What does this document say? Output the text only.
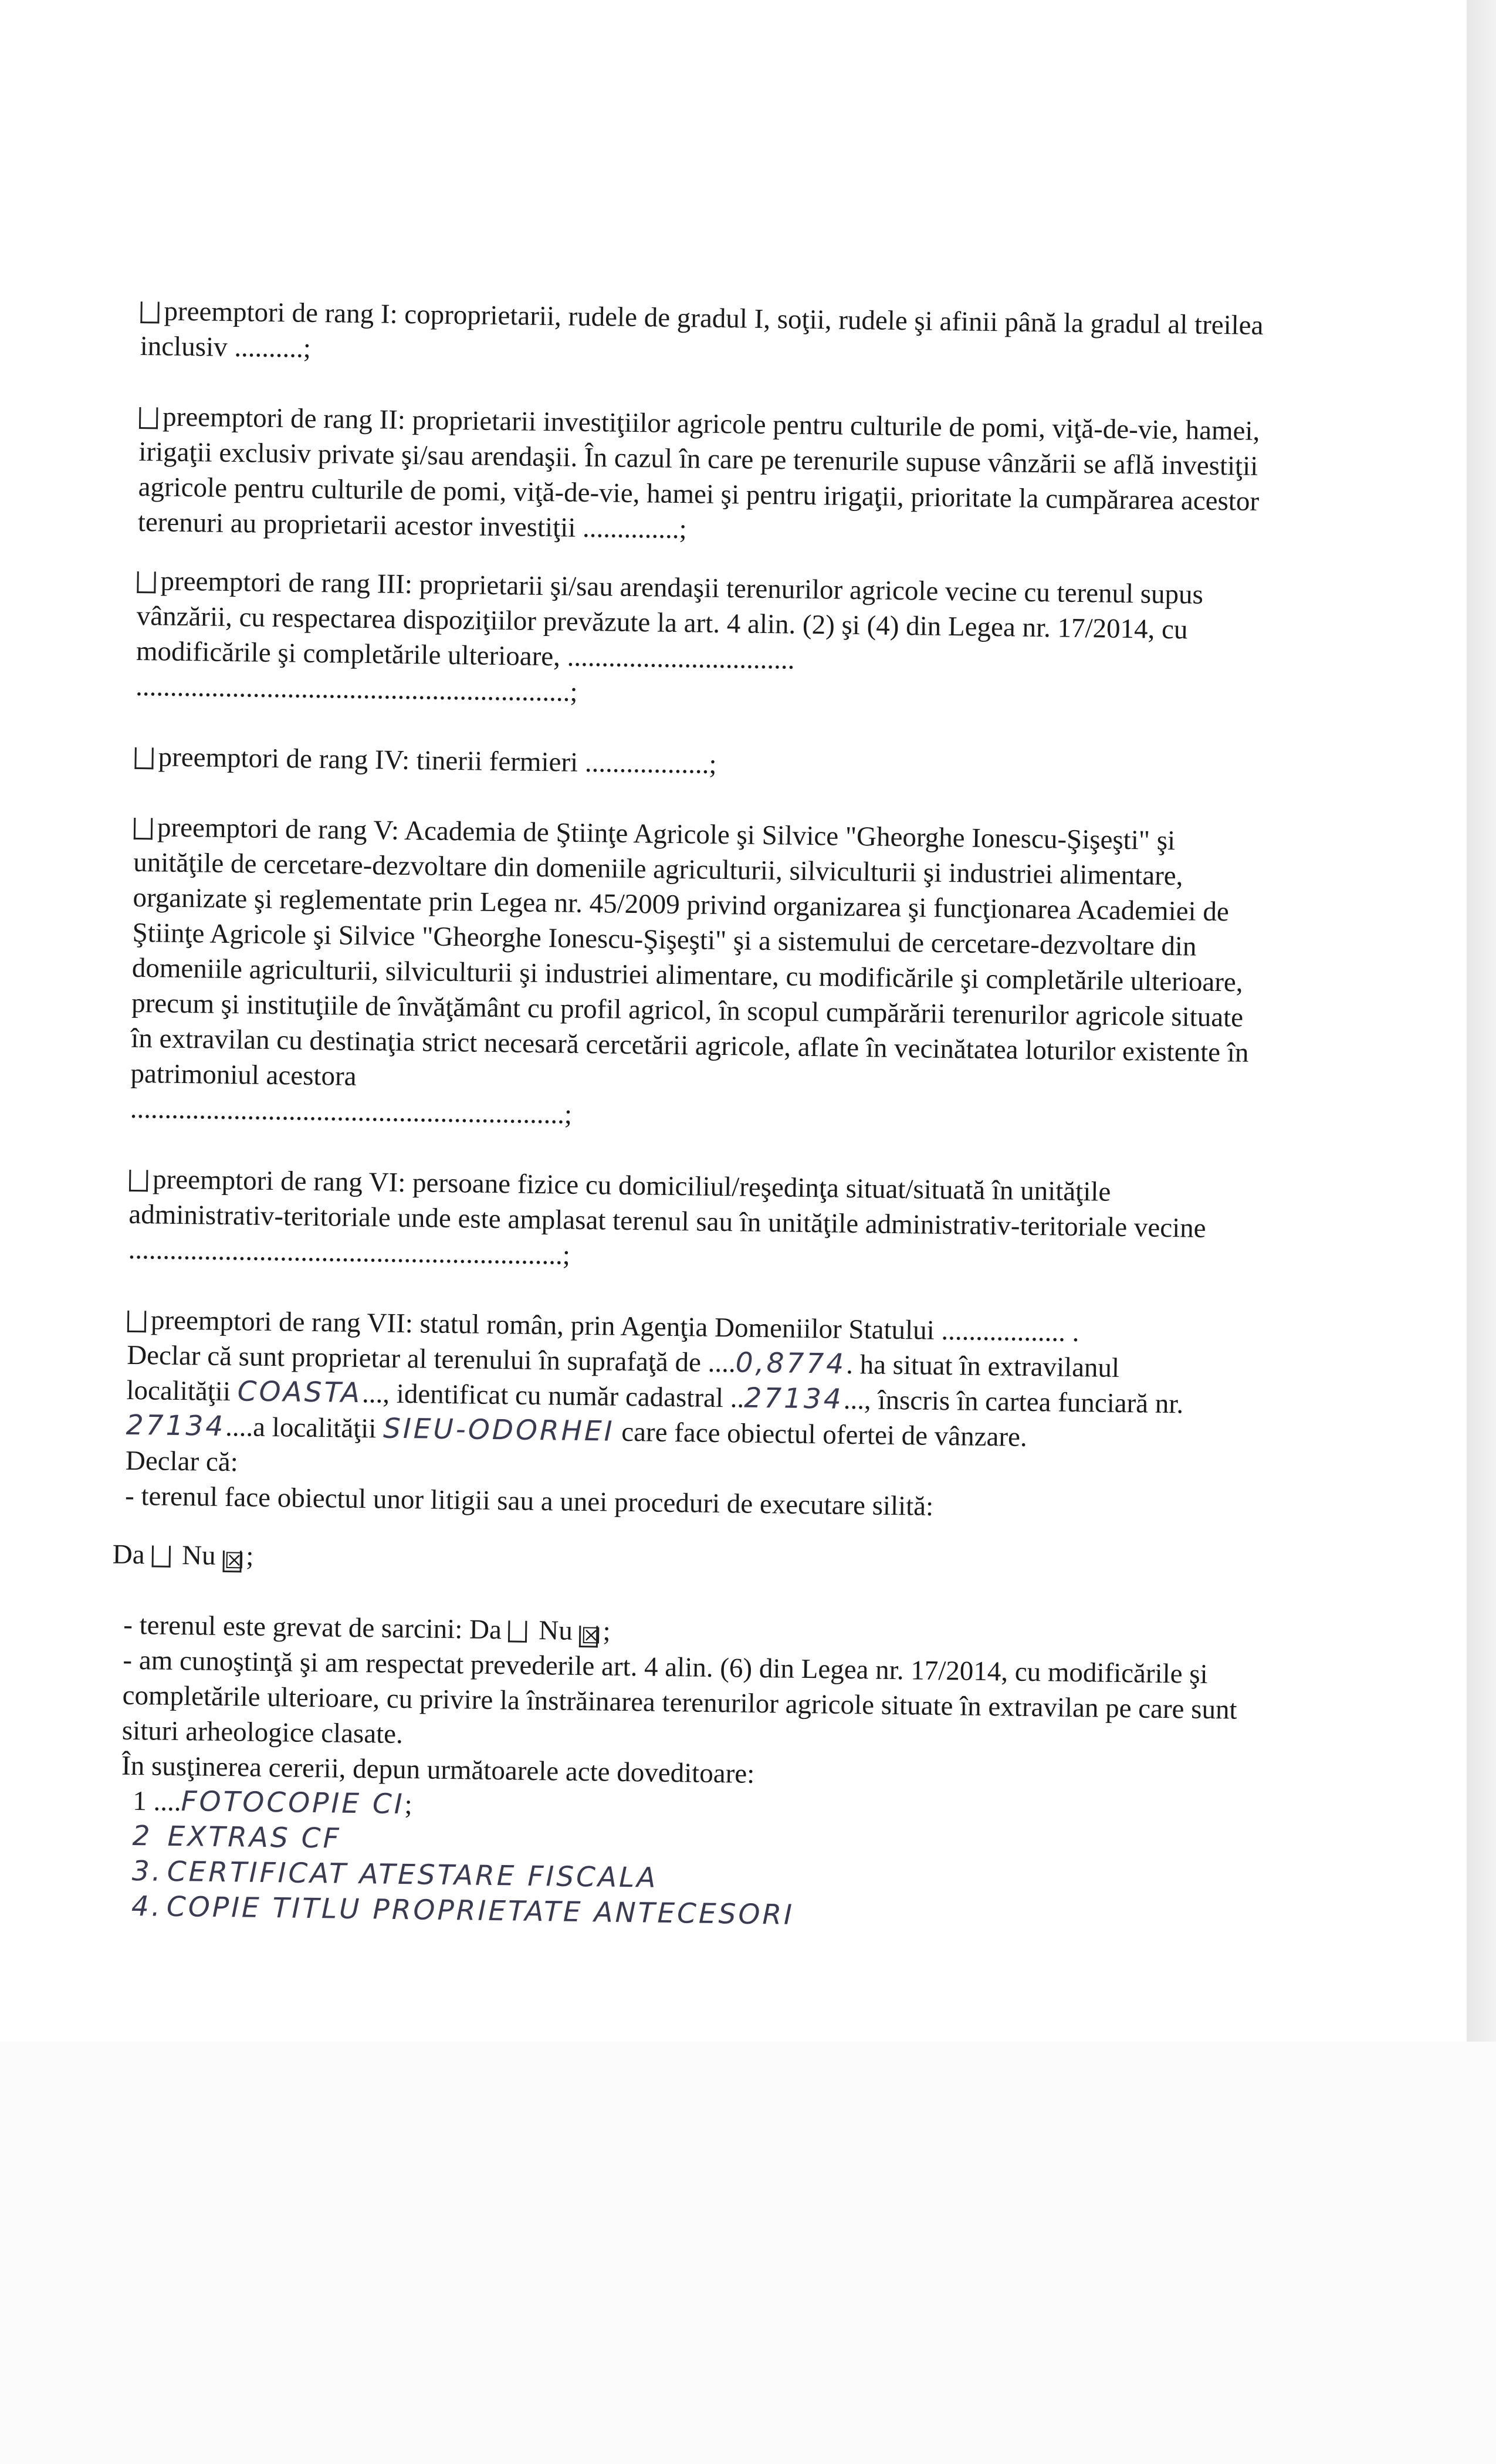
preemptori de rang I: coproprietarii, rudele de gradul I, soţii, rudele şi afinii până la gradul al treilea inclusiv ..........;

preemptori de rang II: proprietarii investiţiilor agricole pentru culturile de pomi, viţă-de-vie, hamei, irigaţii exclusiv private şi/sau arendaşii. În cazul în care pe terenurile supuse vânzării se află investiţii agricole pentru culturile de pomi, viţă-de-vie, hamei şi pentru irigaţii, prioritate la cumpărarea acestor terenuri au proprietarii acestor investiţii ..............;

preemptori de rang III: proprietarii şi/sau arendaşii terenurilor agricole vecine cu terenul supus vânzării, cu respectarea dispoziţiilor prevăzute la art. 4 alin. (2) şi (4) din Legea nr. 17/2014, cu modificările şi completările ulterioare, .................................

...............................................................;

preemptori de rang IV: tinerii fermieri ..................;

preemptori de rang V: Academia de Ştiinţe Agricole şi Silvice "Gheorghe Ionescu-Şişeşti" şi unităţile de cercetare-dezvoltare din domeniile agriculturii, silviculturii şi industriei alimentare, organizate şi reglementate prin Legea nr. 45/2009 privind organizarea şi funcţionarea Academiei de Ştiinţe Agricole şi Silvice "Gheorghe Ionescu-Şişeşti" şi a sistemului de cercetare-dezvoltare din domeniile agriculturii, silviculturii şi industriei alimentare, cu modificările şi completările ulterioare, precum şi instituţiile de învăţământ cu profil agricol, în scopul cumpărării terenurilor agricole situate în extravilan cu destinaţia strict necesară cercetării agricole, aflate în vecinătatea loturilor existente în patrimoniul acestora

...............................................................;

preemptori de rang VI: persoane fizice cu domiciliul/reşedinţa situat/situată în unităţile administrativ-teritoriale unde este amplasat terenul sau în unităţile administrativ-teritoriale vecine

...............................................................;

preemptori de rang VII: statul român, prin Agenţia Domeniilor Statului .................. .

Declar că sunt proprietar al terenului în suprafaţă de ....0,8774. ha situat în extravilanul

localităţii COASTA..., identificat cu număr cadastral ..27134..., înscris în cartea funciară nr.

27134....a localităţii SIEU-ODORHEI care face obiectul ofertei de vânzare.

Declar că:

- terenul face obiectul unor litigii sau a unei proceduri de executare silită:

Da Nu ☒;

- terenul este grevat de sarcini: Da Nu ☒;

- am cunoştinţă şi am respectat prevederile art. 4 alin. (6) din Legea nr. 17/2014, cu modificările şi completările ulterioare, cu privire la înstrăinarea terenurilor agricole situate în extravilan pe care sunt situri arheologice clasate.

În susţinerea cererii, depun următoarele acte doveditoare:

1 ....FOTOCOPIE CI;

2 EXTRAS CF

3. CERTIFICAT ATESTARE FISCALA

4. COPIE TITLU PROPRIETATE ANTECESORI
